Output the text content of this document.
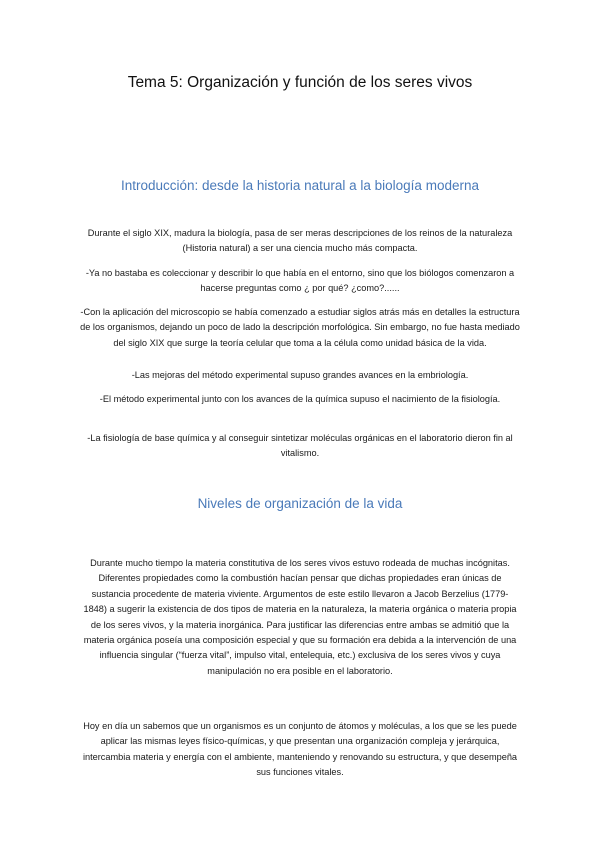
Tema 5: Organización y función de los seres vivos
Introducción: desde la historia natural a la biología moderna

Durante el siglo XIX, madura la biología, pasa de ser meras descripciones de los reinos de la naturaleza (Historia natural) a ser una ciencia mucho más compacta.

-Ya no bastaba es coleccionar y describir lo que había en el entorno, sino que los biólogos comenzaron a hacerse preguntas como ¿ por qué? ¿como?......

-Con la aplicación del microscopio se había comenzado a estudiar siglos atrás más en detalles la estructura de los organismos, dejando un poco de lado la descripción morfológica. Sin embargo, no fue hasta mediado del siglo XIX que surge la teoría celular que toma a la célula como unidad básica de la vida.

-Las mejoras del método experimental supuso grandes avances en la embriología.

-El método experimental junto con los avances de la química supuso el nacimiento de la fisiología.

-La fisiología de base química y al conseguir sintetizar moléculas orgánicas en el laboratorio dieron fin al vitalismo.

Niveles de organización de la vida

Durante mucho tiempo la materia constitutiva de los seres vivos estuvo rodeada de muchas incógnitas. Diferentes propiedades como la combustión hacían pensar que dichas propiedades eran únicas de sustancia procedente de materia viviente. Argumentos de este estilo llevaron a Jacob Berzelius (1779-1848) a sugerir la existencia de dos tipos de materia en la naturaleza, la materia orgánica o materia propia de los seres vivos, y la materia inorgánica. Para justificar las diferencias entre ambas se admitió que la materia orgánica poseía una composición especial y que su formación era debida a la intervención de una influencia singular (“fuerza vital”, impulso vital, entelequia, etc.) exclusiva de los seres vivos y cuya manipulación no era posible en el laboratorio.

Hoy en día un sabemos que un organismos es un conjunto de átomos y moléculas, a los que se les puede aplicar las mismas leyes físico-químicas, y que presentan una organización compleja y jerárquica, intercambia materia y energía con el ambiente, manteniendo y renovando su estructura, y que desempeña sus funciones vitales.
